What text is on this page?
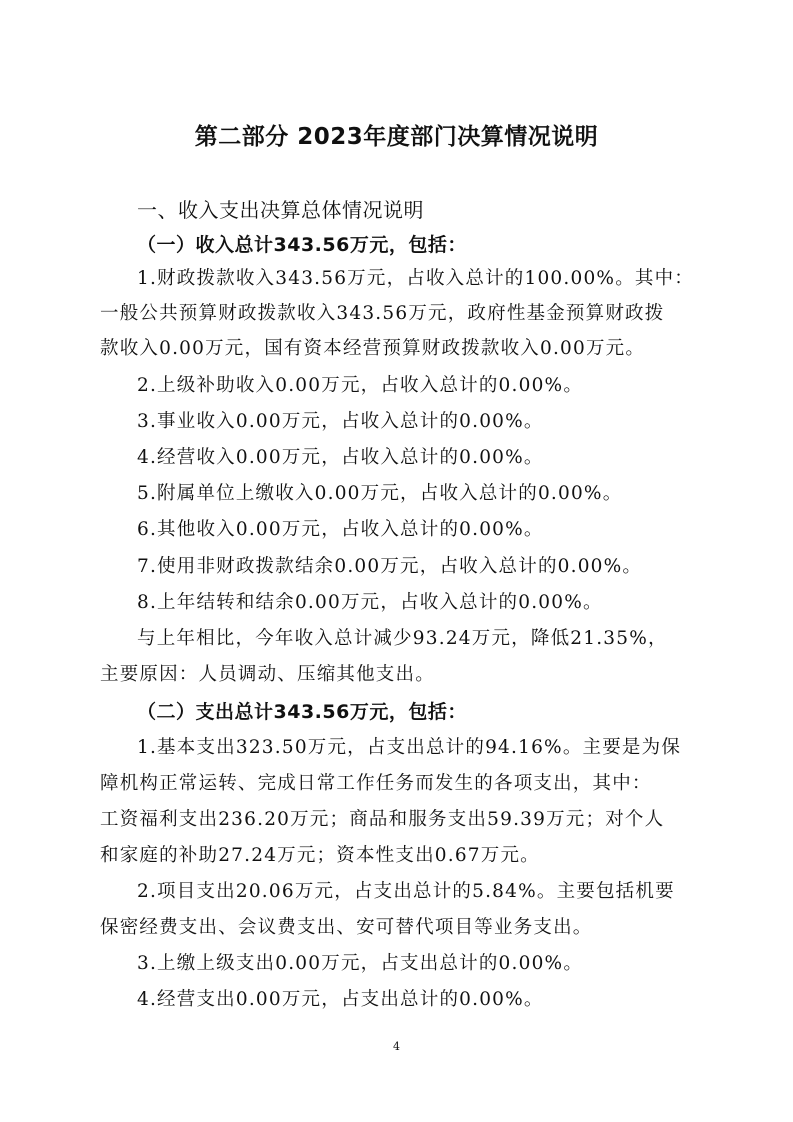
第二部分 2023年度部门决算情况说明
一、收入支出决算总体情况说明
（一）收入总计343.56万元，包括：
1.财政拨款收入343.56万元，占收入总计的100.00%。其中：
一般公共预算财政拨款收入343.56万元，政府性基金预算财政拨
款收入0.00万元，国有资本经营预算财政拨款收入0.00万元。
2.上级补助收入0.00万元，占收入总计的0.00%。
3.事业收入0.00万元，占收入总计的0.00%。
4.经营收入0.00万元，占收入总计的0.00%。
5.附属单位上缴收入0.00万元，占收入总计的0.00%。
6.其他收入0.00万元，占收入总计的0.00%。
7.使用非财政拨款结余0.00万元，占收入总计的0.00%。
8.上年结转和结余0.00万元，占收入总计的0.00%。
与上年相比，今年收入总计减少93.24万元，降低21.35%，
主要原因：人员调动、压缩其他支出。
（二）支出总计343.56万元，包括：
1.基本支出323.50万元，占支出总计的94.16%。主要是为保
障机构正常运转、完成日常工作任务而发生的各项支出，其中：
工资福利支出236.20万元；商品和服务支出59.39万元；对个人
和家庭的补助27.24万元；资本性支出0.67万元。
2.项目支出20.06万元，占支出总计的5.84%。主要包括机要
保密经费支出、会议费支出、安可替代项目等业务支出。
3.上缴上级支出0.00万元，占支出总计的0.00%。
4.经营支出0.00万元，占支出总计的0.00%。
4
